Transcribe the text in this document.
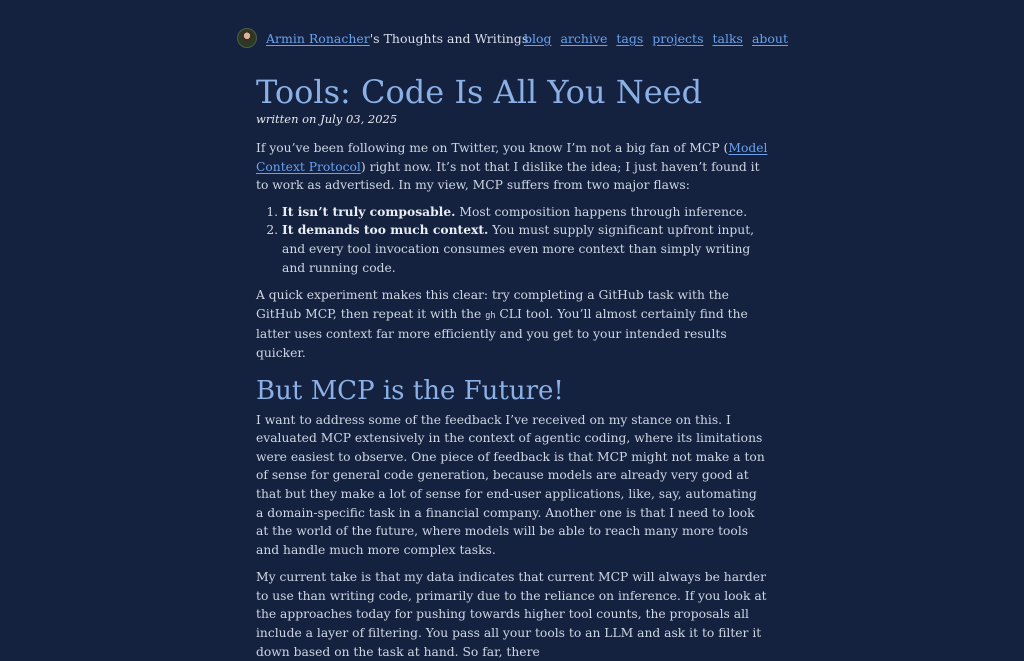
Armin Ronacher's Thoughts and Writings
blog archive tags projects talks about
Tools: Code Is All You Need
written on July 03, 2025

If you’ve been following me on Twitter, you know I’m not a big fan of MCP (Model Context Protocol) right now. It’s not that I dislike the idea; I just haven’t found it to work as advertised. In my view, MCP suffers from two major flaws:

1. It isn’t truly composable. Most composition happens through inference.
2. It demands too much context. You must supply significant upfront input, and every tool invocation consumes even more context than simply writing and running code.

A quick experiment makes this clear: try completing a GitHub task with the GitHub MCP, then repeat it with the gh CLI tool. You’ll almost certainly find the latter uses context far more efficiently and you get to your intended results quicker.

But MCP is the Future!

I want to address some of the feedback I’ve received on my stance on this. I evaluated MCP extensively in the context of agentic coding, where its limitations were easiest to observe. One piece of feedback is that MCP might not make a ton of sense for general code generation, because models are already very good at that but they make a lot of sense for end-user applications, like, say, automating a domain-specific task in a financial company. Another one is that I need to look at the world of the future, where models will be able to reach many more tools and handle much more complex tasks.

My current take is that my data indicates that current MCP will always be harder to use than writing code, primarily due to the reliance on inference. If you look at the approaches today for pushing towards higher tool counts, the proposals all include a layer of filtering. You pass all your tools to an LLM and ask it to filter it down based on the task at hand. So far, there
